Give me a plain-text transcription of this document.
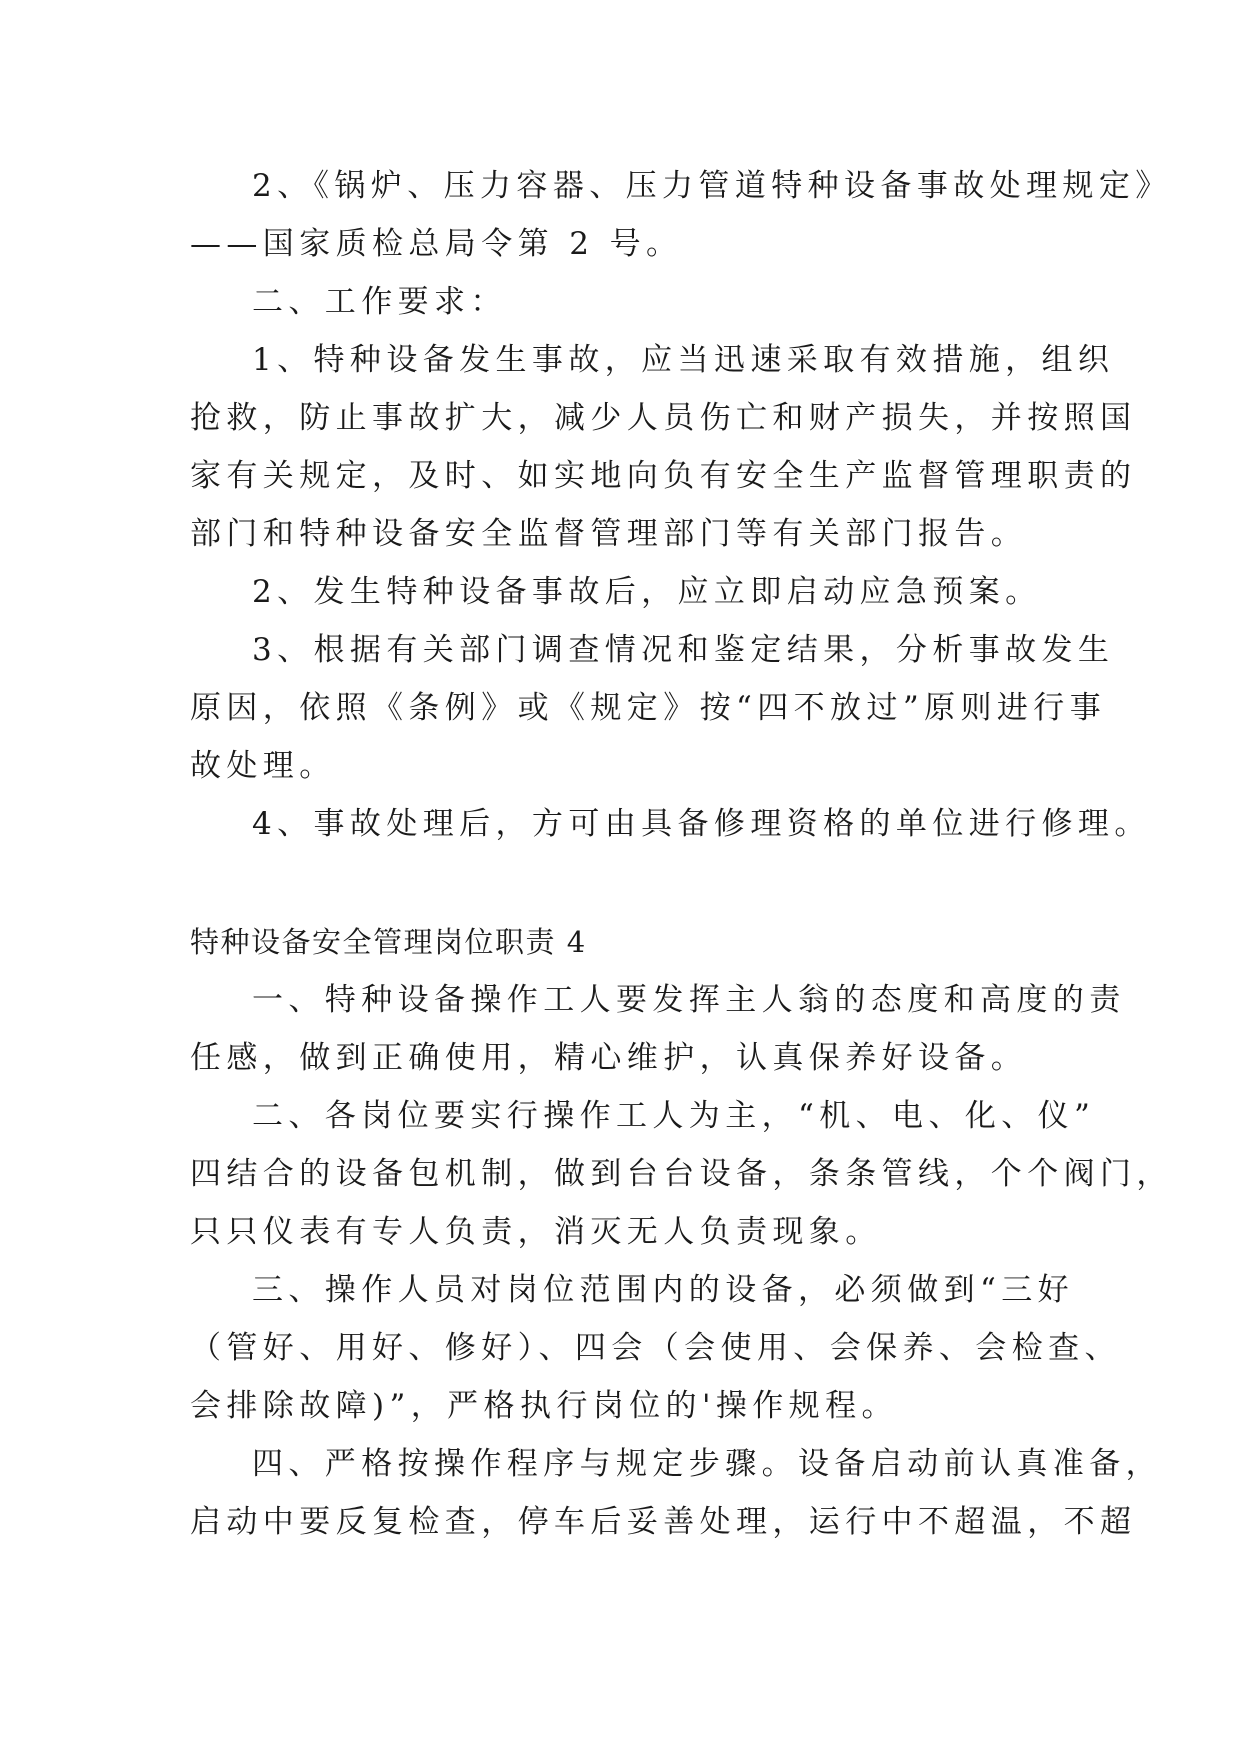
2、《锅炉、压力容器、压力管道特种设备事故处理规定》
——国家质检总局令第 2 号。
二、工作要求：
1、特种设备发生事故，应当迅速采取有效措施，组织
抢救，防止事故扩大，减少人员伤亡和财产损失，并按照国
家有关规定，及时、如实地向负有安全生产监督管理职责的
部门和特种设备安全监督管理部门等有关部门报告。
2、发生特种设备事故后，应立即启动应急预案。
3、根据有关部门调查情况和鉴定结果，分析事故发生
原因，依照《条例》或《规定》按“四不放过”原则进行事
故处理。
4、事故处理后，方可由具备修理资格的单位进行修理。
特种设备安全管理岗位职责 4
一、特种设备操作工人要发挥主人翁的态度和高度的责
任感，做到正确使用，精心维护，认真保养好设备。
二、各岗位要实行操作工人为主，“机、电、化、仪”
四结合的设备包机制，做到台台设备，条条管线，个个阀门，
只只仪表有专人负责，消灭无人负责现象。
三、操作人员对岗位范围内的设备，必须做到“三好
（管好、用好、修好）、四会（会使用、会保养、会检查、
会排除故障)”，严格执行岗位的'操作规程。
四、严格按操作程序与规定步骤。设备启动前认真准备，
启动中要反复检查，停车后妥善处理，运行中不超温，不超
